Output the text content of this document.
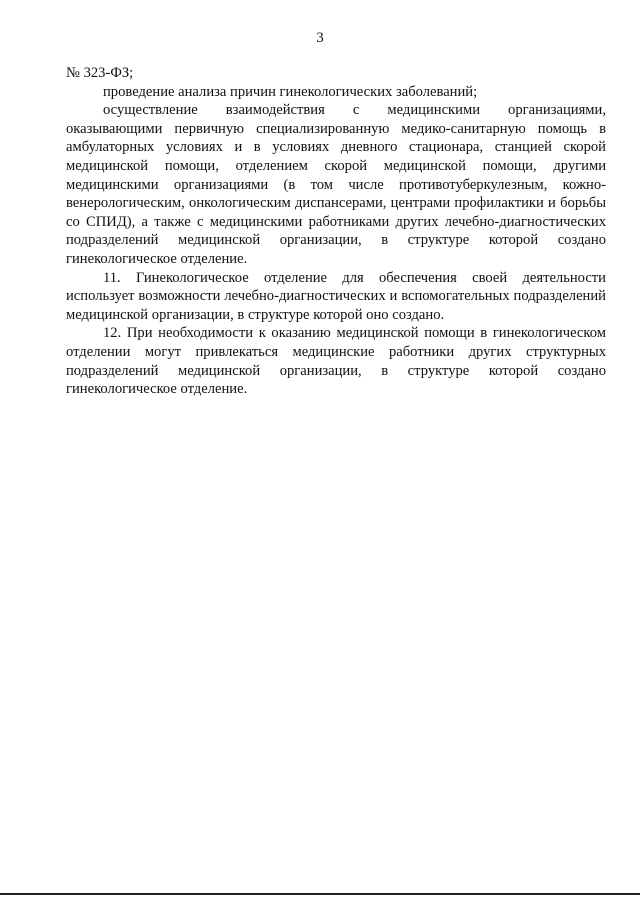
3

№ 323-ФЗ;

проведение анализа причин гинекологических заболеваний;

осуществление взаимодействия с медицинскими организациями, оказывающими первичную специализированную медико-санитарную помощь в амбулаторных условиях и в условиях дневного стационара, станцией скорой медицинской помощи, отделением скорой медицинской помощи, другими медицинскими организациями (в том числе противотуберкулезным, кожно-венерологическим, онкологическим диспансерами, центрами профилактики и борьбы со СПИД), а также с медицинскими работниками других лечебно-диагностических подразделений медицинской организации, в структуре которой создано гинекологическое отделение.

11. Гинекологическое отделение для обеспечения своей деятельности использует возможности лечебно-диагностических и вспомогательных подразделений медицинской организации, в структуре которой оно создано.

12. При необходимости к оказанию медицинской помощи в гинекологическом отделении могут привлекаться медицинские работники других структурных подразделений медицинской организации, в структуре которой создано гинекологическое отделение.
